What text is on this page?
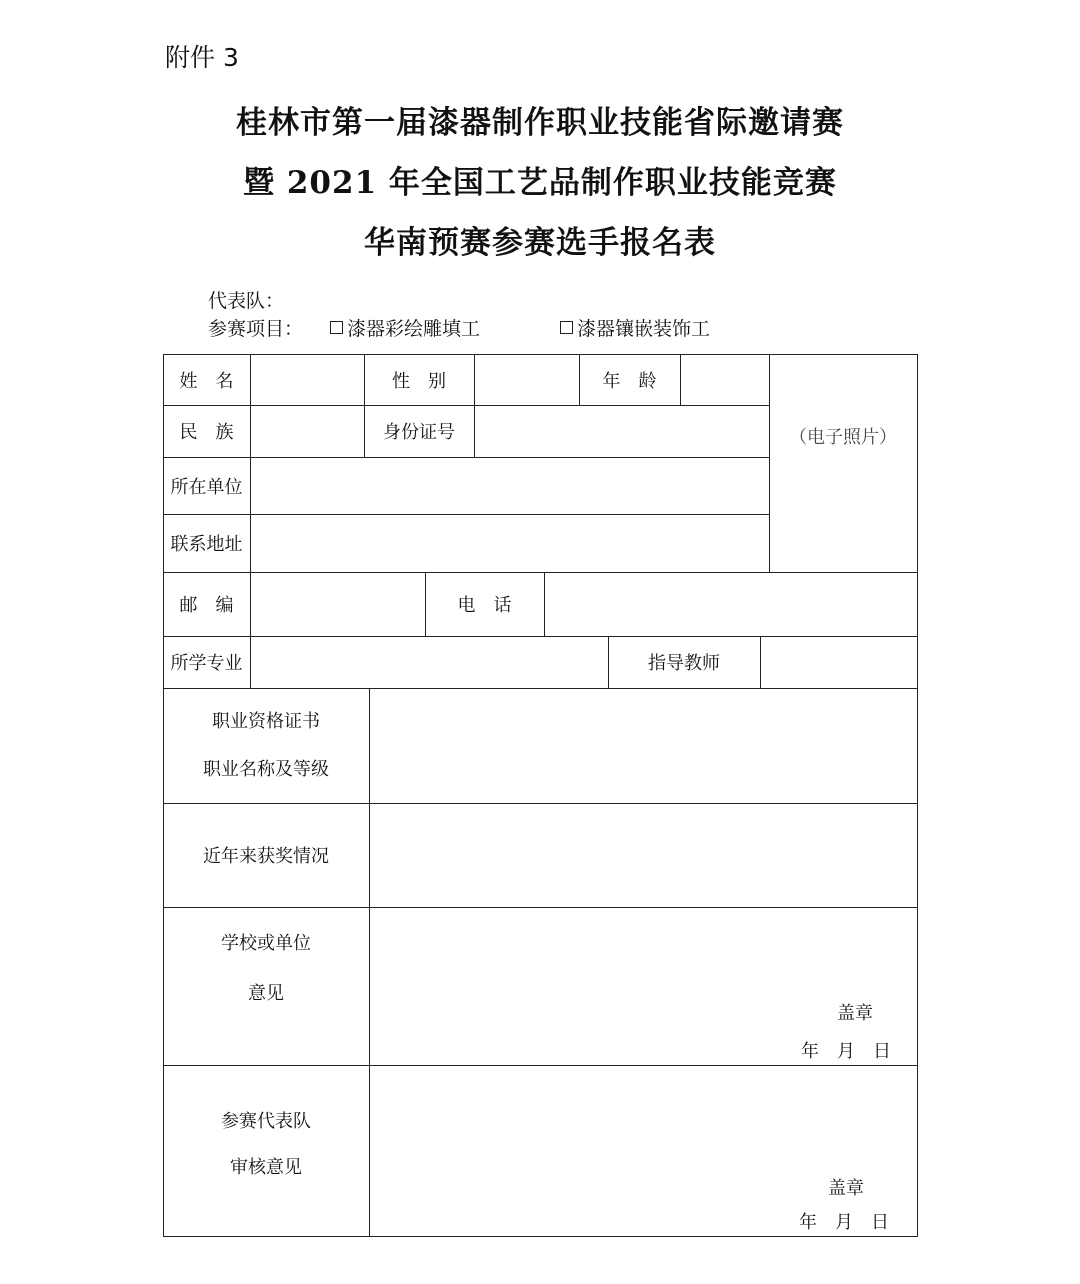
附件 3
桂林市第一届漆器制作职业技能省际邀请赛
暨 2021 年全国工艺品制作职业技能竞赛
华南预赛参赛选手报名表
代表队：
参赛项目： 漆器彩绘雕填工	漆器镶嵌装饰工
姓　名	性　别	年　龄
民　族	身份证号	（电子照片）
所在单位
联系地址
邮　编	电　话
所学专业	指导教师
职业资格证书
职业名称及等级
近年来获奖情况
学校或单位
意见
盖章
年　月　日
参赛代表队
审核意见
盖章
年　月　日
